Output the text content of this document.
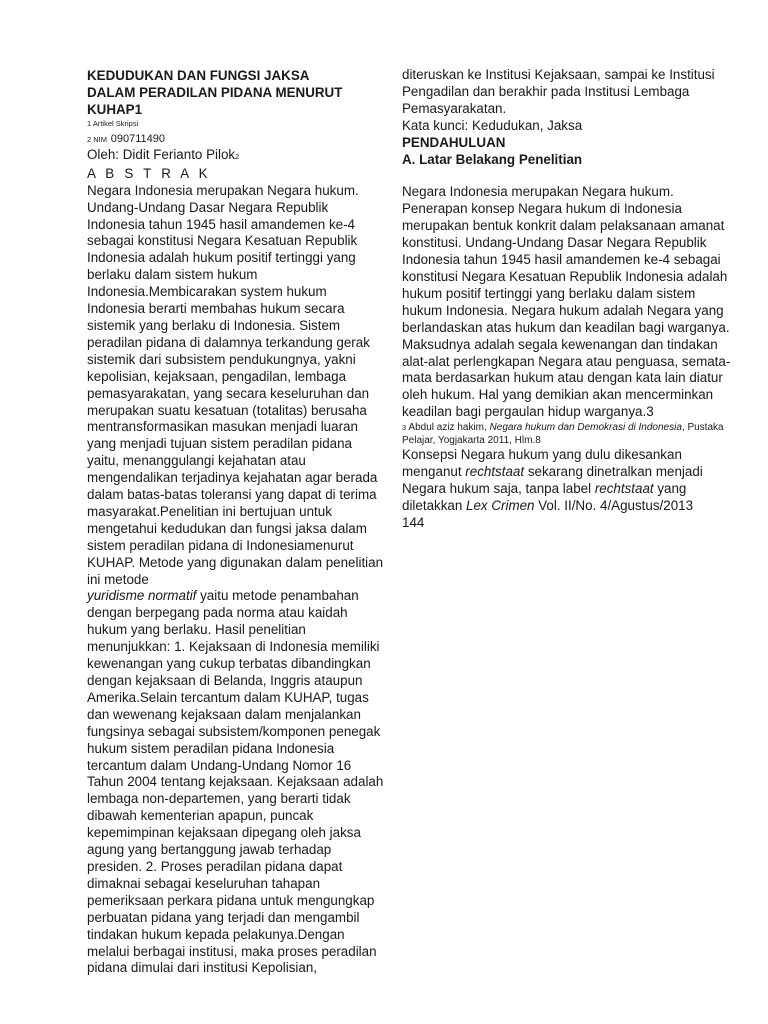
KEDUDUKAN DAN FUNGSI JAKSA

DALAM PERADILAN PIDANA MENURUT

KUHAP1

1 Artikel Skripsi

2 NIM 090711490

Oleh: Didit Ferianto Pilok2

A B S T R A K

Negara Indonesia merupakan Negara hukum. Undang-Undang Dasar Negara Republik Indonesia tahun 1945 hasil amandemen ke-4 sebagai konstitusi Negara Kesatuan Republik Indonesia adalah hukum positif tertinggi yang berlaku dalam sistem hukum

Indonesia.Membicarakan system hukum Indonesia berarti membahas hukum secara sistemik yang berlaku di Indonesia. Sistem peradilan pidana di dalamnya terkandung gerak sistemik dari subsistem pendukungnya, yakni kepolisian, kejaksaan, pengadilan, lembaga pemasyarakatan, yang secara keseluruhan dan merupakan suatu kesatuan (totalitas) berusaha mentransformasikan masukan menjadi luaran yang menjadi tujuan sistem peradilan pidana yaitu, menanggulangi kejahatan atau mengendalikan terjadinya kejahatan agar berada dalam batas-batas toleransi yang dapat di terima masyarakat.Penelitian ini bertujuan untuk mengetahui kedudukan dan fungsi jaksa dalam sistem peradilan pidana di Indonesiamenurut KUHAP. Metode yang digunakan dalam penelitian ini metode

yuridisme normatif yaitu metode penambahan dengan berpegang pada norma atau kaidah hukum yang berlaku. Hasil penelitian menunjukkan: 1. Kejaksaan di Indonesia memiliki kewenangan yang cukup terbatas dibandingkan dengan kejaksaan di Belanda, Inggris ataupun Amerika.Selain tercantum dalam KUHAP, tugas dan wewenang kejaksaan dalam menjalankan fungsinya sebagai subsistem/komponen penegak hukum sistem peradilan pidana Indonesia

tercantum dalam Undang-Undang Nomor 16 Tahun 2004 tentang kejaksaan. Kejaksaan adalah lembaga non-departemen, yang berarti tidak dibawah kementerian apapun, puncak kepemimpinan kejaksaan dipegang oleh jaksa agung yang bertanggung jawab terhadap presiden. 2. Proses peradilan pidana dapat dimaknai sebagai keseluruhan tahapan pemeriksaan perkara pidana untuk mengungkap perbuatan pidana yang terjadi dan mengambil tindakan hukum kepada pelakunya.Dengan melalui berbagai institusi, maka proses peradilan pidana dimulai dari institusi Kepolisian,

diteruskan ke Institusi Kejaksaan, sampai ke Institusi Pengadilan dan berakhir pada Institusi Lembaga Pemasyarakatan.

Kata kunci: Kedudukan, Jaksa

PENDAHULUAN

A. Latar Belakang Penelitian

Negara Indonesia merupakan Negara hukum. Penerapan konsep Negara hukum di Indonesia merupakan bentuk konkrit dalam pelaksanaan amanat konstitusi. Undang-Undang Dasar Negara Republik Indonesia tahun 1945 hasil amandemen ke-4 sebagai konstitusi Negara Kesatuan Republik Indonesia adalah hukum positif tertinggi yang berlaku dalam sistem hukum Indonesia. Negara hukum adalah Negara yang berlandaskan atas hukum dan keadilan bagi warganya. Maksudnya adalah segala kewenangan dan tindakan alat-alat perlengkapan Negara atau penguasa, semata-mata berdasarkan hukum atau dengan kata lain diatur oleh hukum. Hal yang demikian akan mencerminkan keadilan bagi pergaulan hidup warganya.3

3 Abdul aziz hakim, Negara hukum dan Demokrasi di Indonesia, Pustaka Pelajar, Yogjakarta 2011, Hlm.8

Konsepsi Negara hukum yang dulu dikesankan menganut rechtstaat sekarang dinetralkan menjadi Negara hukum saja, tanpa label rechtstaat yang diletakkan Lex Crimen Vol. II/No. 4/Agustus/2013

144
